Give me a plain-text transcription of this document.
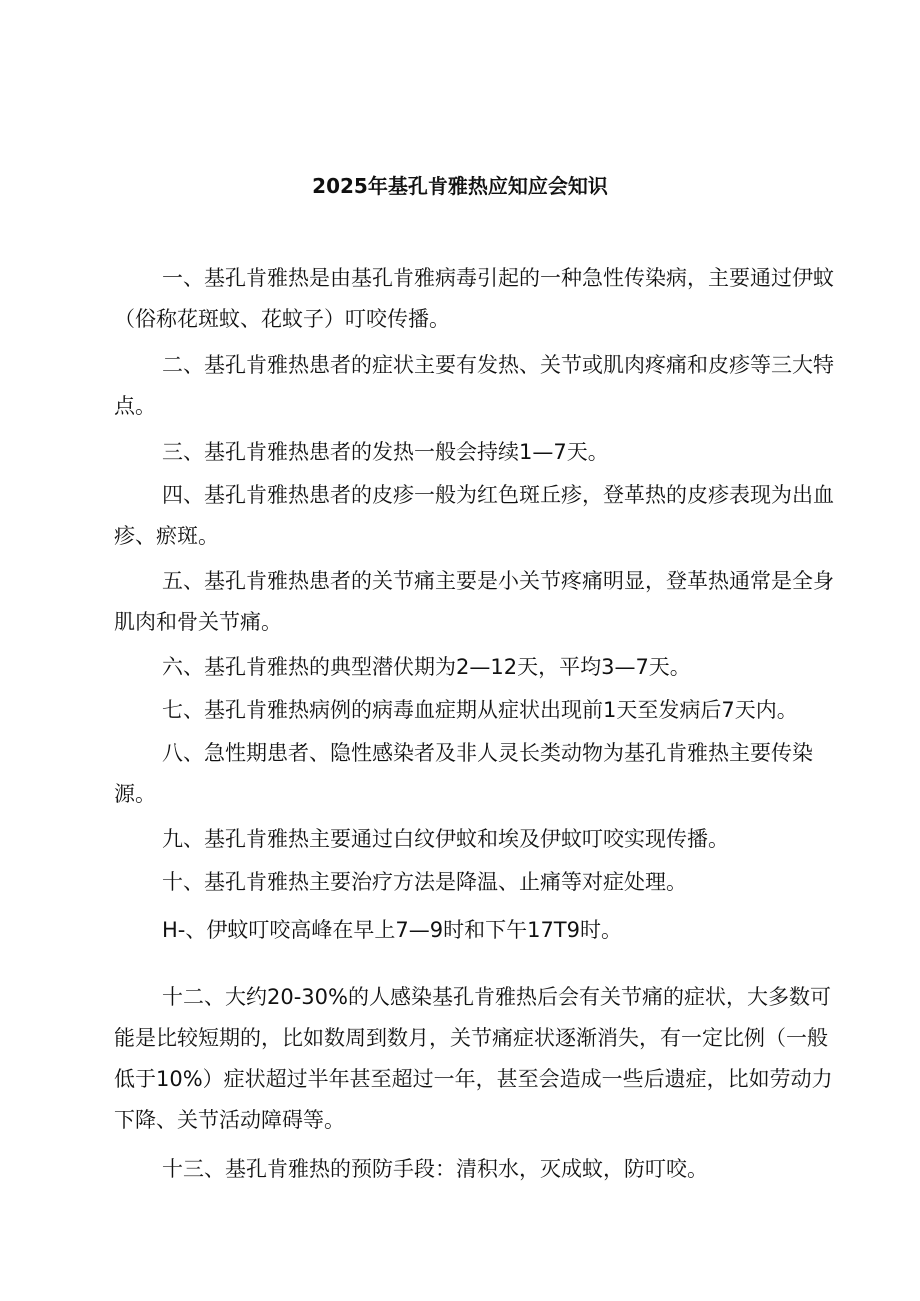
2025年基孔肯雅热应知应会知识

一、基孔肯雅热是由基孔肯雅病毒引起的一种急性传染病，主要通过伊蚊（俗称花斑蚊、花蚊子）叮咬传播。

二、基孔肯雅热患者的症状主要有发热、关节或肌肉疼痛和皮疹等三大特点。

三、基孔肯雅热患者的发热一般会持续1—7天。

四、基孔肯雅热患者的皮疹一般为红色斑丘疹，登革热的皮疹表现为出血疹、瘀斑。

五、基孔肯雅热患者的关节痛主要是小关节疼痛明显，登革热通常是全身肌肉和骨关节痛。

六、基孔肯雅热的典型潜伏期为2—12天，平均3—7天。

七、基孔肯雅热病例的病毒血症期从症状出现前1天至发病后7天内。

八、急性期患者、隐性感染者及非人灵长类动物为基孔肯雅热主要传染源。

九、基孔肯雅热主要通过白纹伊蚊和埃及伊蚊叮咬实现传播。

十、基孔肯雅热主要治疗方法是降温、止痛等对症处理。

H-、伊蚊叮咬高峰在早上7—9时和下午17T9时。

十二、大约20-30%的人感染基孔肯雅热后会有关节痛的症状，大多数可能是比较短期的，比如数周到数月，关节痛症状逐渐消失，有一定比例（一般低于10%）症状超过半年甚至超过一年，甚至会造成一些后遗症，比如劳动力下降、关节活动障碍等。

十三、基孔肯雅热的预防手段：清积水，灭成蚊，防叮咬。
